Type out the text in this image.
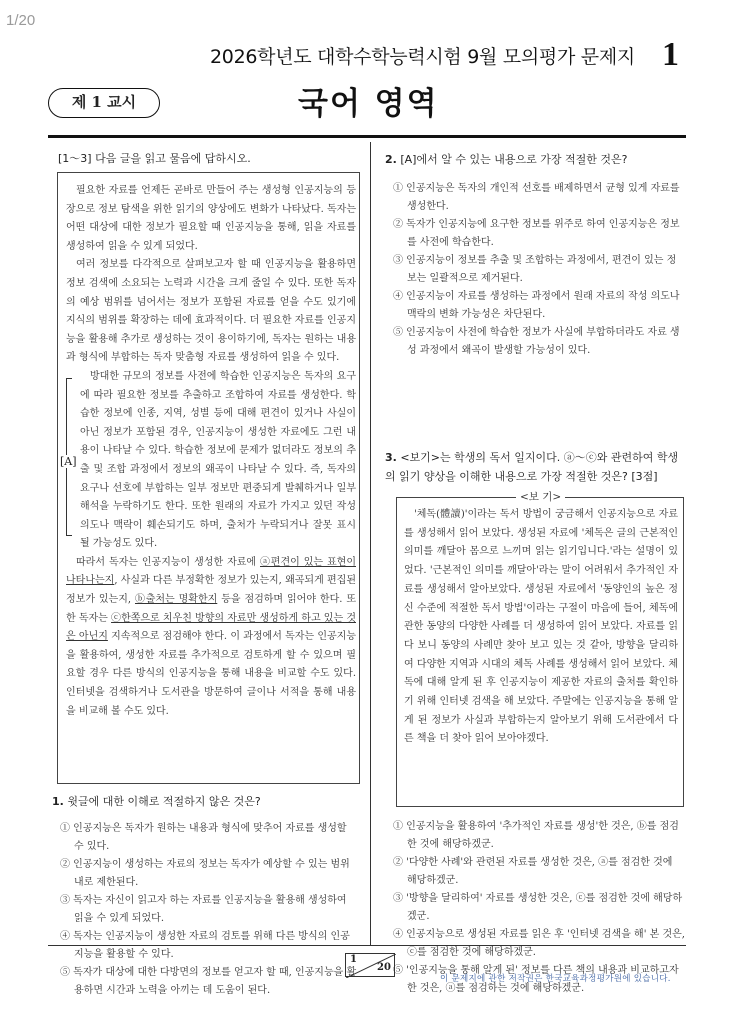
1/20
2026학년도 대학수학능력시험 9월 모의평가 문제지 1
제 1 교시	국어 영역
[1～3] 다음 글을 읽고 물음에 답하시오.
[A]

필요한 자료를 언제든 곧바로 만들어 주는 생성형 인공지능의 등장으로 정보 탐색을 위한 읽기의 양상에도 변화가 나타났다. 독자는 어떤 대상에 대한 정보가 필요할 때 인공지능을 통해, 읽을 자료를 생성하여 읽을 수 있게 되었다.

여러 정보를 다각적으로 살펴보고자 할 때 인공지능을 활용하면 정보 검색에 소요되는 노력과 시간을 크게 줄일 수 있다. 또한 독자의 예상 범위를 넘어서는 정보가 포함된 자료를 얻을 수도 있기에 지식의 범위를 확장하는 데에 효과적이다. 더 필요한 자료를 인공지능을 활용해 추가로 생성하는 것이 용이하기에, 독자는 원하는 내용과 형식에 부합하는 독자 맞춤형 자료를 생성하여 읽을 수 있다.

방대한 규모의 정보를 사전에 학습한 인공지능은 독자의 요구에 따라 필요한 정보를 추출하고 조합하여 자료를 생성한다. 학습한 정보에 인종, 지역, 성별 등에 대해 편견이 있거나 사실이 아닌 정보가 포함된 경우, 인공지능이 생성한 자료에도 그런 내용이 나타날 수 있다. 학습한 정보에 문제가 없더라도 정보의 추출 및 조합 과정에서 정보의 왜곡이 나타날 수 있다. 즉, 독자의 요구나 선호에 부합하는 일부 정보만 편중되게 발췌하거나 일부 해석을 누락하기도 한다. 또한 원래의 자료가 가지고 있던 작성 의도나 맥락이 훼손되기도 하며, 출처가 누락되거나 잘못 표시될 가능성도 있다.

따라서 독자는 인공지능이 생성한 자료에 ⓐ편견이 있는 표현이 나타나는지, 사실과 다른 부정확한 정보가 있는지, 왜곡되게 편집된 정보가 있는지, ⓑ출처는 명확한지 등을 점검하며 읽어야 한다. 또한 독자는 ⓒ한쪽으로 치우친 방향의 자료만 생성하게 하고 있는 것은 아닌지 지속적으로 점검해야 한다. 이 과정에서 독자는 인공지능을 활용하여, 생성한 자료를 추가적으로 검토하게 할 수 있으며 필요할 경우 다른 방식의 인공지능을 통해 내용을 비교할 수도 있다. 인터넷을 검색하거나 도서관을 방문하여 글이나 서적을 통해 내용을 비교해 볼 수도 있다.

1. 윗글에 대한 이해로 적절하지 않은 것은?
① 인공지능은 독자가 원하는 내용과 형식에 맞추어 자료를 생성할 수 있다.
② 인공지능이 생성하는 자료의 정보는 독자가 예상할 수 있는 범위 내로 제한된다.
③ 독자는 자신이 읽고자 하는 자료를 인공지능을 활용해 생성하여 읽을 수 있게 되었다.
④ 독자는 인공지능이 생성한 자료의 검토를 위해 다른 방식의 인공지능을 활용할 수 있다.
⑤ 독자가 대상에 대한 다방면의 정보를 얻고자 할 때, 인공지능을 활용하면 시간과 노력을 아끼는 데 도움이 된다.
2. [A]에서 알 수 있는 내용으로 가장 적절한 것은?
① 인공지능은 독자의 개인적 선호를 배제하면서 균형 있게 자료를 생성한다.
② 독자가 인공지능에 요구한 정보를 위주로 하여 인공지능은 정보를 사전에 학습한다.
③ 인공지능이 정보를 추출 및 조합하는 과정에서, 편견이 있는 정보는 일괄적으로 제거된다.
④ 인공지능이 자료를 생성하는 과정에서 원래 자료의 작성 의도나 맥락의 변화 가능성은 차단된다.
⑤ 인공지능이 사전에 학습한 정보가 사실에 부합하더라도 자료 생성 과정에서 왜곡이 발생할 가능성이 있다.
3. <보기>는 학생의 독서 일지이다. ⓐ～ⓒ와 관련하여 학생의 읽기 양상을 이해한 내용으로 가장 적절한 것은? [3점]
<보 기>
'체독(體讀)'이라는 독서 방법이 궁금해서 인공지능으로 자료를 생성해서 읽어 보았다. 생성된 자료에 '체독은 글의 근본적인 의미를 깨달아 몸으로 느끼며 읽는 읽기입니다.'라는 설명이 있었다. '근본적인 의미를 깨달아'라는 말이 어려워서 추가적인 자료를 생성해서 알아보았다. 생성된 자료에서 '동양인의 높은 정신 수준에 적절한 독서 방법'이라는 구절이 마음에 들어, 체독에 관한 동양의 다양한 사례를 더 생성하여 읽어 보았다. 자료를 읽다 보니 동양의 사례만 찾아 보고 있는 것 같아, 방향을 달리하여 다양한 지역과 시대의 체독 사례를 생성해서 읽어 보았다. 체독에 대해 알게 된 후 인공지능이 제공한 자료의 출처를 확인하기 위해 인터넷 검색을 해 보았다. 주말에는 인공지능을 통해 알게 된 정보가 사실과 부합하는지 알아보기 위해 도서관에서 다른 책을 더 찾아 읽어 보아야겠다.
① 인공지능을 활용하여 '추가적인 자료를 생성'한 것은, ⓑ를 점검한 것에 해당하겠군.
② '다양한 사례'와 관련된 자료를 생성한 것은, ⓐ를 점검한 것에 해당하겠군.
③ '방향을 달리하여' 자료를 생성한 것은, ⓒ를 점검한 것에 해당하겠군.
④ 인공지능으로 생성된 자료를 읽은 후 '인터넷 검색을 해' 본 것은, ⓒ를 점검한 것에 해당하겠군.
⑤ '인공지능을 통해 알게 된' 정보를 다른 책의 내용과 비교하고자 한 것은, ⓐ를 점검하는 것에 해당하겠군.
1
20
이 문제지에 관한 저작권은 한국교육과정평가원에 있습니다.
